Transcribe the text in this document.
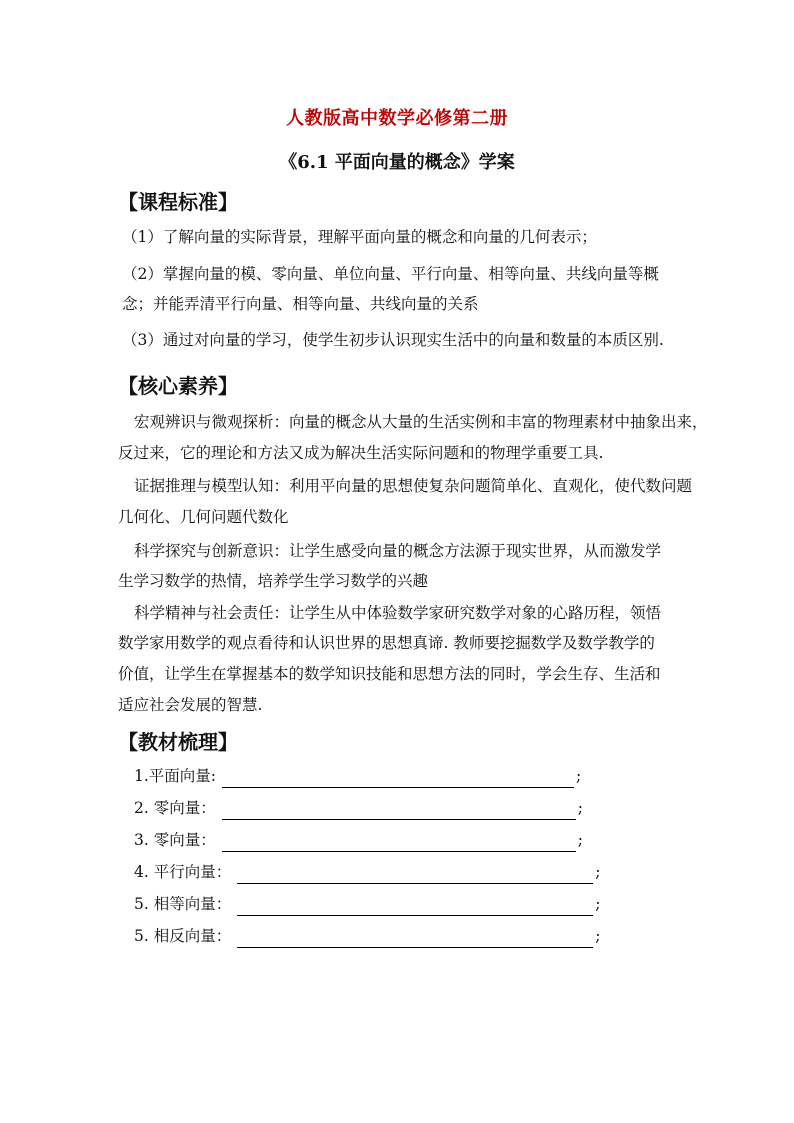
人教版高中数学必修第二册
《6.1 平面向量的概念》学案
【课程标准】
（1）了解向量的实际背景，理解平面向量的概念和向量的几何表示；
（2）掌握向量的模、零向量、单位向量、平行向量、相等向量、共线向量等概
念；并能弄清平行向量、相等向量、共线向量的关系
（3）通过对向量的学习，使学生初步认识现实生活中的向量和数量的本质区别.
【核心素养】
宏观辨识与微观探析：向量的概念从大量的生活实例和丰富的物理素材中抽象出来，
反过来，它的理论和方法又成为解决生活实际问题和的物理学重要工具.
证据推理与模型认知：利用平向量的思想使复杂问题简单化、直观化，使代数问题
几何化、几何问题代数化
科学探究与创新意识：让学生感受向量的概念方法源于现实世界，从而激发学
生学习数学的热情，培养学生学习数学的兴趣
科学精神与社会责任：让学生从中体验数学家研究数学对象的心路历程，领悟
数学家用数学的观点看待和认识世界的思想真谛. 教师要挖掘数学及数学教学的
价值，让学生在掌握基本的数学知识技能和思想方法的同时，学会生存、生活和
适应社会发展的智慧.
【教材梳理】
1.平面向量:	;
2. 零向量：	;
3. 零向量：	;
4. 平行向量：	;
5. 相等向量：	;
5. 相反向量：	;
